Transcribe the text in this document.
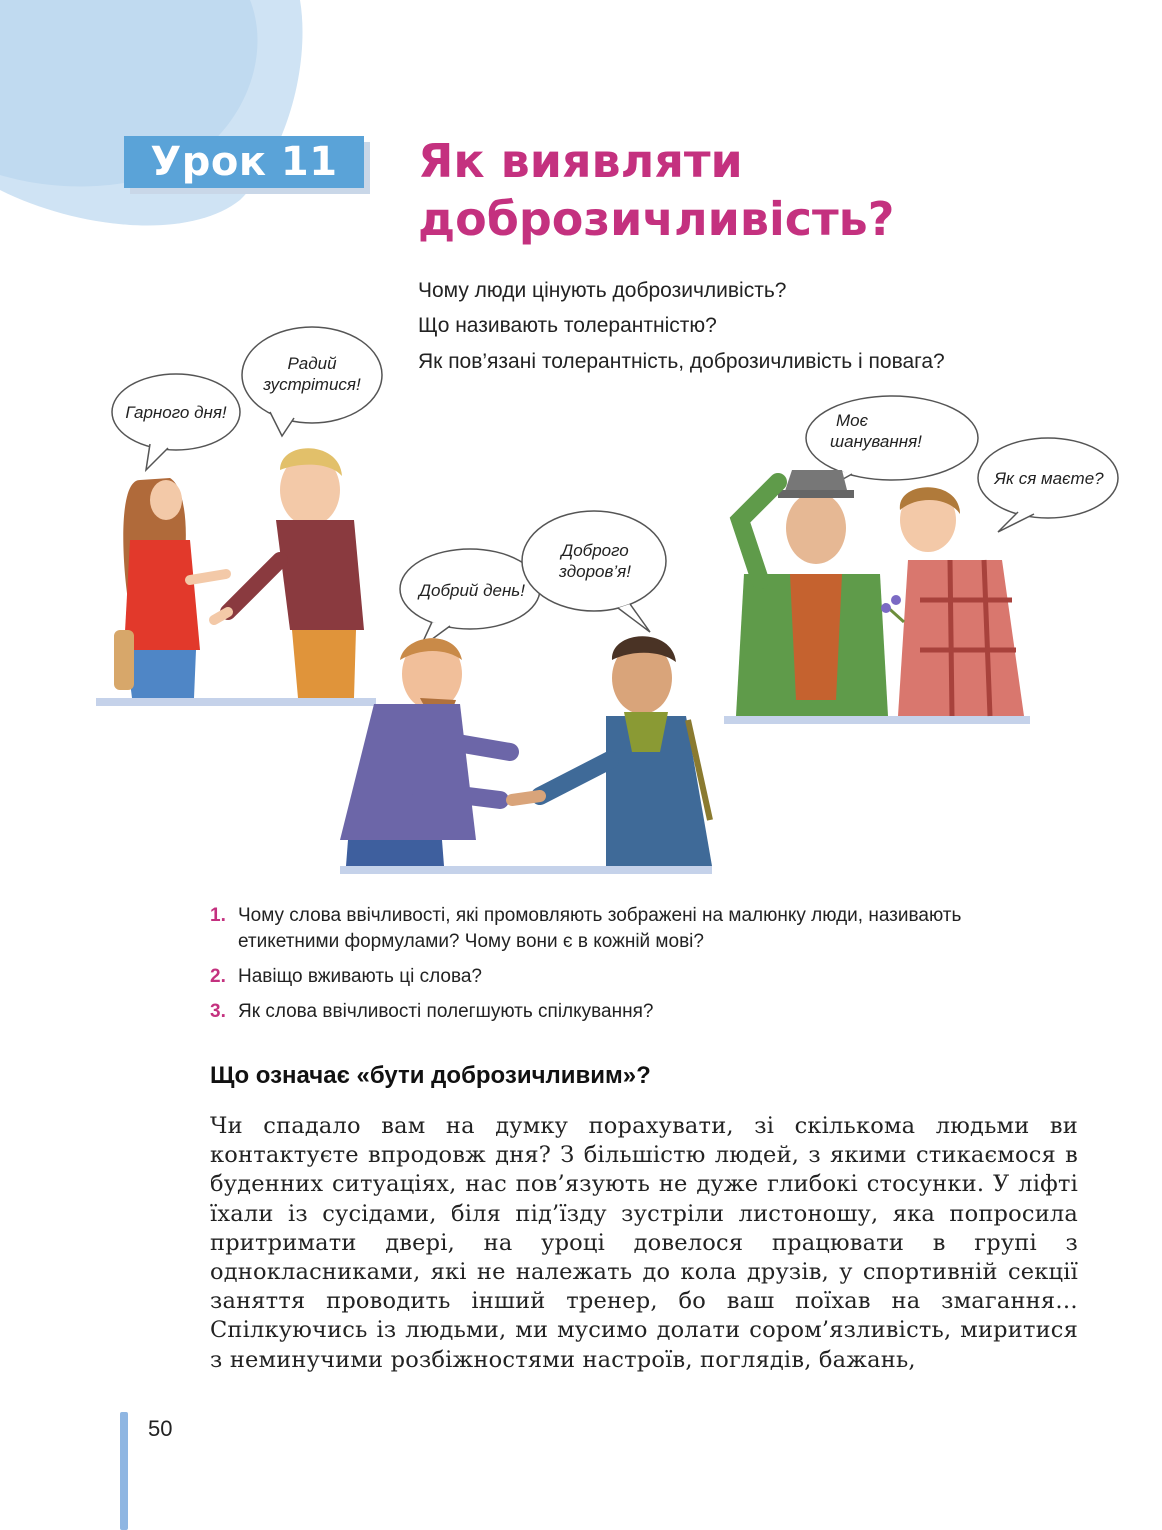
Урок 11	Як виявляти
доброзичливість?

Чому люди цінують доброзичливість?

Що називають толерантністю?

Як пов’язані толерантність, доброзичливість і повага?

Гарного дня!
Радий
зустрітися!
Добрий день!
Доброго
здоров’я!
Моє
шанування!
Як ся маєте?
1. Чому слова ввічливості, які промовляють зображені на малюнку люди, називають етикетними формулами? Чому вони є в кожній мові?
2. Навіщо вживають ці слова?
3. Як слова ввічливості полегшують спілкування?
Що означає «бути доброзичливим»?

Чи спадало вам на думку порахувати, зі скількома людьми ви контактуєте впродовж дня? З більшістю людей, з якими стикаємося в буденних ситуаціях, нас пов’язують не дуже глибокі стосунки. У ліфті їхали із сусідами, біля під’їзду зустріли листоношу, яка попросила притримати двері, на уроці довелося працювати в групі з однокласниками, які не належать до кола друзів, у спортивній секції заняття проводить інший тренер, бо ваш поїхав на змагання… Спілкуючись із людьми, ми мусимо долати сором’язливість, миритися з неминучими розбіжностями настроїв, поглядів, бажань,

50
